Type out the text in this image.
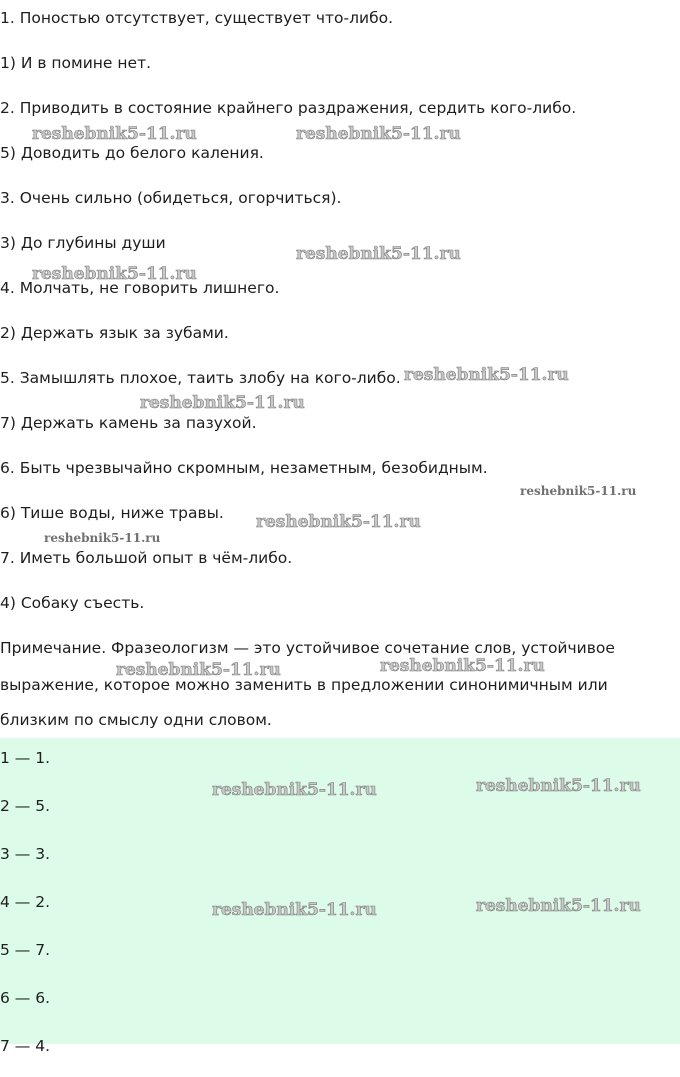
1. Поностью отсутствует, существует что-либо.

1) И в помине нет.

2. Приводить в состояние крайнего раздражения, сердить кого-либо.

5) Доводить до белого каления.

3. Очень сильно (обидеться, огорчиться).

3) До глубины души

4. Молчать, не говорить лишнего.

2) Держать язык за зубами.

5. Замышлять плохое, таить злобу на кого-либо.

7) Держать камень за пазухой.

6. Быть чрезвычайно скромным, незаметным, безобидным.

6) Тише воды, ниже травы.

7. Иметь большой опыт в чём-либо.

4) Собаку съесть.

Примечание. Фразеологизм — это устойчивое сочетание слов, устойчивое

выражение, которое можно заменить в предложении синонимичным или

близким по смыслу одни словом.

1 — 1.

2 — 5.

3 — 3.

4 — 2.

5 — 7.

6 — 6.

7 — 4.

reshebnik5-11.ru	reshebnik5-11.ru
reshebnik5-11.ru
reshebnik5-11.ru
reshebnik5-11.ru
reshebnik5-11.ru
reshebnik5-11.ru
reshebnik5-11.ru
reshebnik5-11.ru
reshebnik5-11.ru	reshebnik5-11.ru
reshebnik5-11.ru	reshebnik5-11.ru
reshebnik5-11.ru	reshebnik5-11.ru
